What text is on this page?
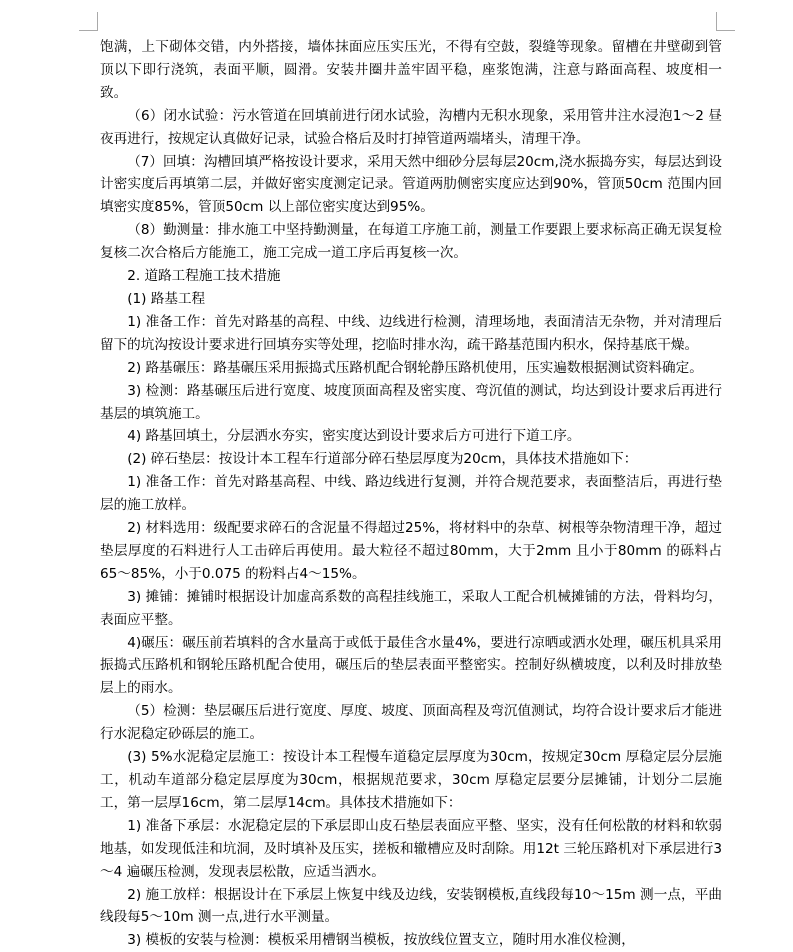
饱满，上下砌体交错，内外搭接，墙体抹面应压实压光，不得有空鼓，裂缝等现象。留槽在井壁砌到管顶以下即行浇筑，表面平顺，圆滑。安装井圈井盖牢固平稳，座浆饱满，注意与路面高程、坡度相一致。

（6）闭水试验：污水管道在回填前进行闭水试验，沟槽内无积水现象，采用管井注水浸泡1～2 昼夜再进行，按规定认真做好记录，试验合格后及时打掉管道两端堵头，清理干净。

（7）回填：沟槽回填严格按设计要求，采用天然中细砂分层每层20cm,浇水振捣夯实，每层达到设计密实度后再填第二层，并做好密实度测定记录。管道两肋侧密实度应达到90%，管顶50cm 范围内回填密实度85%，管顶50cm 以上部位密实度达到95%。

（8）勤测量：排水施工中坚持勤测量，在每道工序施工前，测量工作要跟上要求标高正确无误复检复核二次合格后方能施工，施工完成一道工序后再复核一次。

2. 道路工程施工技术措施

(1) 路基工程

1) 准备工作：首先对路基的高程、中线、边线进行检测，清理场地，表面清洁无杂物，并对清理后留下的坑沟按设计要求进行回填夯实等处理，挖临时排水沟，疏干路基范围内积水，保持基底干燥。

2) 路基碾压：路基碾压采用振捣式压路机配合钢轮静压路机使用，压实遍数根据测试资料确定。

3) 检测：路基碾压后进行宽度、坡度顶面高程及密实度、弯沉值的测试，均达到设计要求后再进行基层的填筑施工。

4) 路基回填土，分层洒水夯实，密实度达到设计要求后方可进行下道工序。

(2) 碎石垫层：按设计本工程车行道部分碎石垫层厚度为20cm，具体技术措施如下：

1) 准备工作：首先对路基高程、中线、路边线进行复测，并符合规范要求，表面整洁后，再进行垫层的施工放样。

2) 材料选用：级配要求碎石的含泥量不得超过25%，将材料中的杂草、树根等杂物清理干净，超过垫层厚度的石料进行人工击碎后再使用。最大粒径不超过80mm，大于2mm 且小于80mm 的砾料占65～85%，小于0.075 的粉料占4～15%。

3) 摊铺：摊铺时根据设计加虚高系数的高程挂线施工，采取人工配合机械摊铺的方法，骨料均匀，表面应平整。

4)碾压：碾压前若填料的含水量高于或低于最佳含水量4%，要进行凉晒或洒水处理，碾压机具采用振捣式压路机和钢轮压路机配合使用，碾压后的垫层表面平整密实。控制好纵横坡度，以利及时排放垫层上的雨水。

（5）检测：垫层碾压后进行宽度、厚度、坡度、顶面高程及弯沉值测试，均符合设计要求后才能进行水泥稳定砂砾层的施工。

(3) 5%水泥稳定层施工：按设计本工程慢车道稳定层厚度为30cm，按规定30cm 厚稳定层分层施工，机动车道部分稳定层厚度为30cm，根据规范要求，30cm 厚稳定层要分层摊铺，计划分二层施工，第一层厚16cm，第二层厚14cm。具体技术措施如下：

1) 准备下承层：水泥稳定层的下承层即山皮石垫层表面应平整、坚实，没有任何松散的材料和软弱地基，如发现低洼和坑洞，及时填补及压实，搓板和辙槽应及时刮除。用12t 三轮压路机对下承层进行3～4 遍碾压检测，发现表层松散，应适当洒水。

2) 施工放样：根据设计在下承层上恢复中线及边线，安装钢模板,直线段每10～15m 测一点，平曲线段每5～10m 测一点,进行水平测量。

3) 模板的安装与检测：模板采用槽钢当模板，按放线位置支立，随时用水准仪检测，
